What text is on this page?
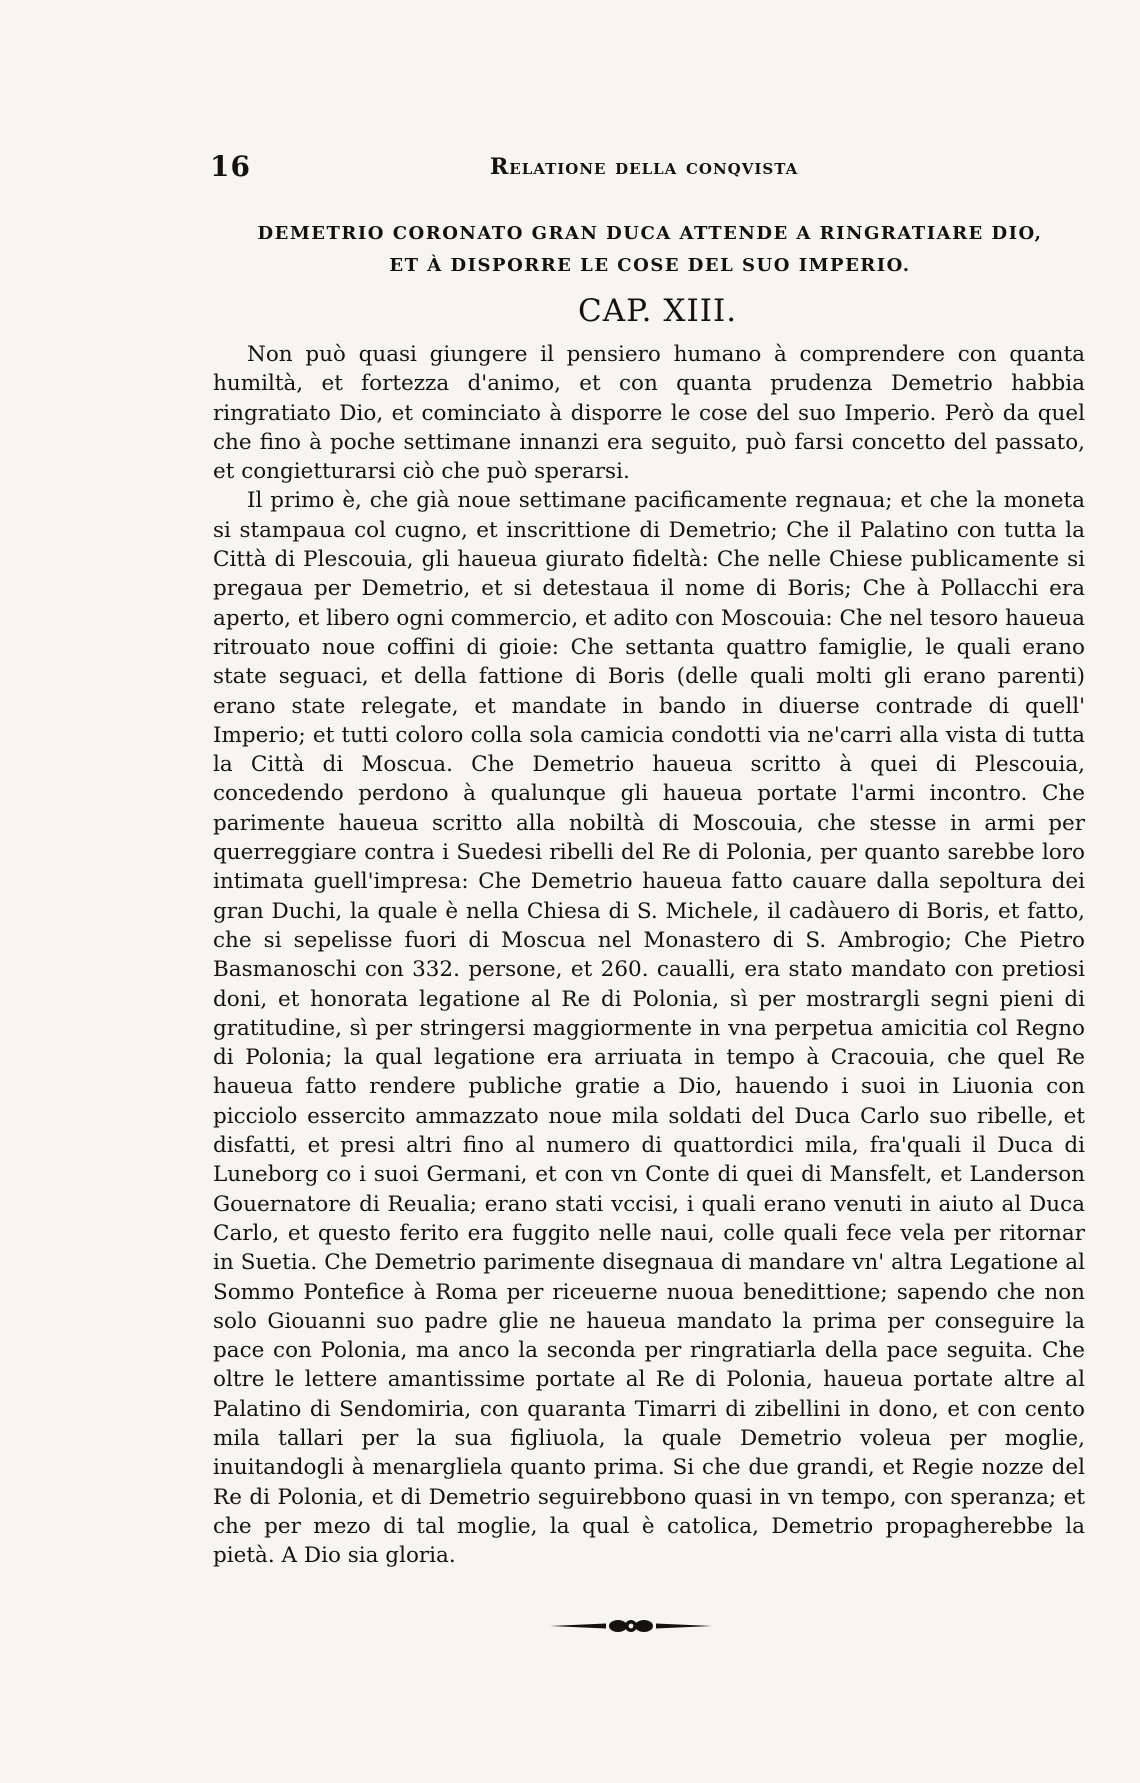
16	Relatione della conqvista
DEMETRIO CORONATO GRAN DUCA ATTENDE A RINGRATIARE DIO,
ET À DISPORRE LE COSE DEL SUO IMPERIO.
CAP. XIII.

Non può quasi giungere il pensiero humano à comprendere con quanta humiltà, et fortezza d'animo, et con quanta prudenza Demetrio habbia ringratiato Dio, et cominciato à disporre le cose del suo Imperio. Però da quel che fino à poche settimane innanzi era seguito, può farsi concetto del passato, et congietturarsi ciò che può sperarsi.

Il primo è, che già noue settimane pacificamente regnaua; et che la moneta si stampaua col cugno, et inscrittione di Demetrio; Che il Palatino con tutta la Città di Plescouia, gli haueua giurato fideltà: Che nelle Chiese publicamente si pregaua per Demetrio, et si detestaua il nome di Boris; Che à Pollacchi era aperto, et libero ogni commercio, et adito con Moscouia: Che nel tesoro haueua ritrouato noue coffini di gioie: Che settanta quattro famiglie, le quali erano state seguaci, et della fattione di Boris (delle quali molti gli erano parenti) erano state relegate, et mandate in bando in diuerse contrade di quell' Imperio; et tutti coloro colla sola camicia condotti via ne'carri alla vista di tutta la Città di Moscua. Che Demetrio haueua scritto à quei di Plescouia, concedendo perdono à qualunque gli haueua portate l'armi incontro. Che parimente haueua scritto alla nobiltà di Moscouia, che stesse in armi per querreggiare contra i Suedesi ribelli del Re di Polonia, per quanto sarebbe loro intimata guell'impresa: Che Demetrio haueua fatto cauare dalla sepoltura dei gran Duchi, la quale è nella Chiesa di S. Michele, il cadàuero di Boris, et fatto, che si sepelisse fuori di Moscua nel Monastero di S. Ambrogio; Che Pietro Basmanoschi con 332. persone, et 260. caualli, era stato mandato con pretiosi doni, et honorata legatione al Re di Polonia, sì per mostrargli segni pieni di gratitudine, sì per stringersi maggiormente in vna perpetua amicitia col Regno di Polonia; la qual legatione era arriuata in tempo à Cracouia, che quel Re haueua fatto rendere publiche gratie a Dio, hauendo i suoi in Liuonia con picciolo essercito ammazzato noue mila soldati del Duca Carlo suo ribelle, et disfatti, et presi altri fino al numero di quattordici mila, fra'quali il Duca di Luneborg co i suoi Germani, et con vn Conte di quei di Mansfelt, et Landerson Gouernatore di Reualia; erano stati vccisi, i quali erano venuti in aiuto al Duca Carlo, et questo ferito era fuggito nelle naui, colle quali fece vela per ritornar in Suetia. Che Demetrio parimente disegnaua di mandare vn' altra Legatione al Sommo Pontefice à Roma per riceuerne nuoua benedittione; sapendo che non solo Giouanni suo padre glie ne haueua mandato la prima per conseguire la pace con Polonia, ma anco la seconda per ringratiarla della pace seguita. Che oltre le lettere amantissime portate al Re di Polonia, haueua portate altre al Palatino di Sendomiria, con quaranta Timarri di zibellini in dono, et con cento mila tallari per la sua figliuola, la quale Demetrio voleua per moglie, inuitandogli à menargliela quanto prima. Si che due grandi, et Regie nozze del Re di Polonia, et di Demetrio seguirebbono quasi in vn tempo, con speranza; et che per mezo di tal moglie, la qual è catolica, Demetrio propagherebbe la pietà. A Dio sia gloria.
